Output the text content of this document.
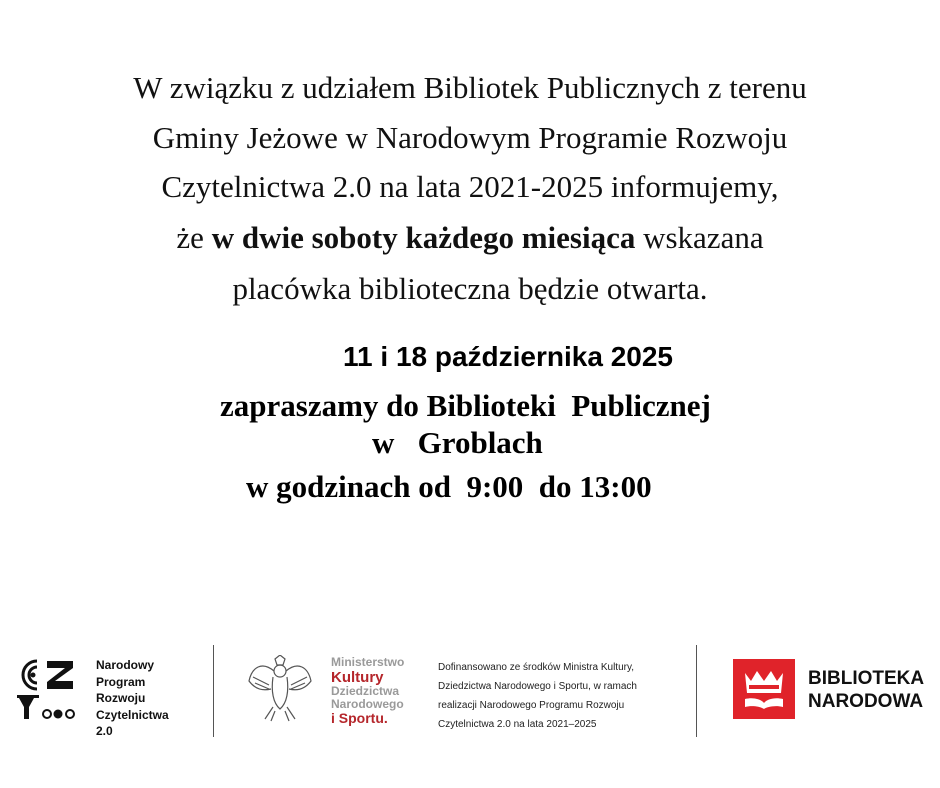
W związku z udziałem Bibliotek Publicznych z terenu
Gminy Jeżowe w Narodowym Programie Rozwoju
Czytelnictwa 2.0 na lata 2021-2025 informujemy,
że w dwie soboty każdego miesiąca wskazana
placówka biblioteczna będzie otwarta.
11 i 18 października 2025
zapraszamy do Biblioteki  Publicznej
w   Groblach
w godzinach od  9:00  do 13:00
Narodowy
Program
Rozwoju
Czytelnictwa
2.0
Ministerstwo
Kultury
Dziedzictwa
Narodowego
i Sportu.
Dofinansowano ze środków Ministra Kultury,
Dziedzictwa Narodowego i Sportu, w ramach
realizacji Narodowego Programu Rozwoju
Czytelnictwa 2.0 na lata 2021–2025
BIBLIOTEKA
NARODOWA
